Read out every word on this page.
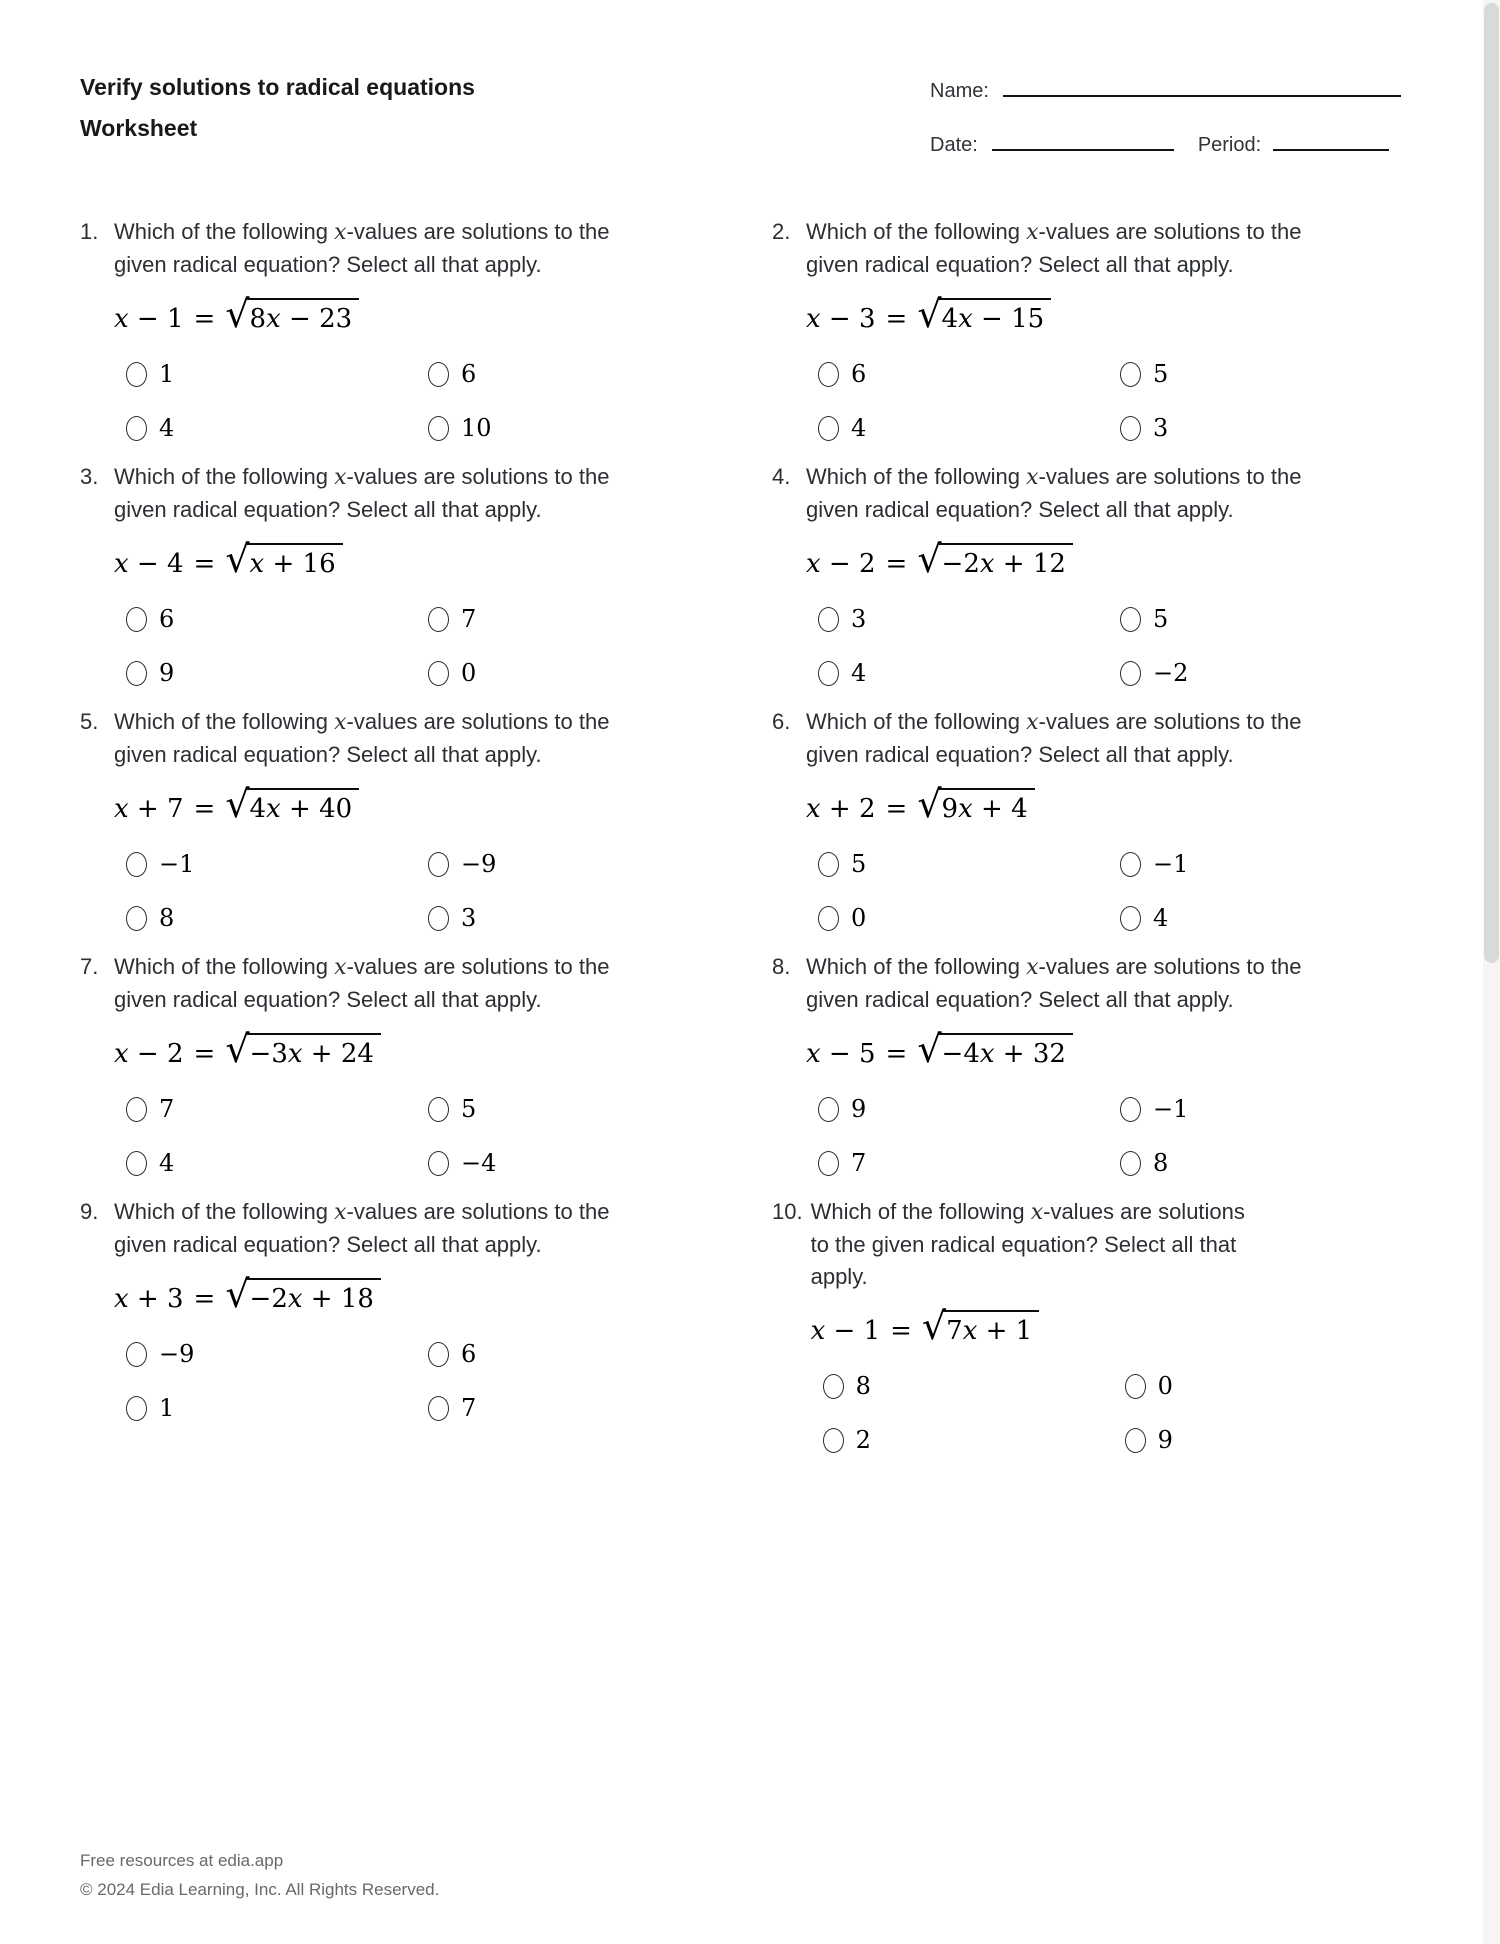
Verify solutions to radical equations
Worksheet
Name:
Date:	Period:
1. Which of the following x-values are solutions to the given radical equation? Select all that apply.

x − 1 = √ 8x − 23
1	6
4	10
2. Which of the following x-values are solutions to the given radical equation? Select all that apply.

x − 3 = √ 4x − 15
6	5
4	3
3. Which of the following x-values are solutions to the given radical equation? Select all that apply.

x − 4 = √ x + 16
6	7
9	0
4. Which of the following x-values are solutions to the given radical equation? Select all that apply.

x − 2 = √ −2x + 12
3	5
4	−2
5. Which of the following x-values are solutions to the given radical equation? Select all that apply.

x + 7 = √ 4x + 40
−1	−9
8	3
6. Which of the following x-values are solutions to the given radical equation? Select all that apply.

x + 2 = √ 9x + 4
5	−1
0	4
7. Which of the following x-values are solutions to the given radical equation? Select all that apply.

x − 2 = √ −3x + 24
7	5
4	−4
8. Which of the following x-values are solutions to the given radical equation? Select all that apply.

x − 5 = √ −4x + 32
9	−1
7	8
9. Which of the following x-values are solutions to the given radical equation? Select all that apply.

x + 3 = √ −2x + 18
−9	6
1	7
10. Which of the following x-values are solutions to the given radical equation? Select all that apply.

x − 1 = √ 7x + 1
8	0
2	9
Free resources at edia.app
© 2024 Edia Learning, Inc. All Rights Reserved.
